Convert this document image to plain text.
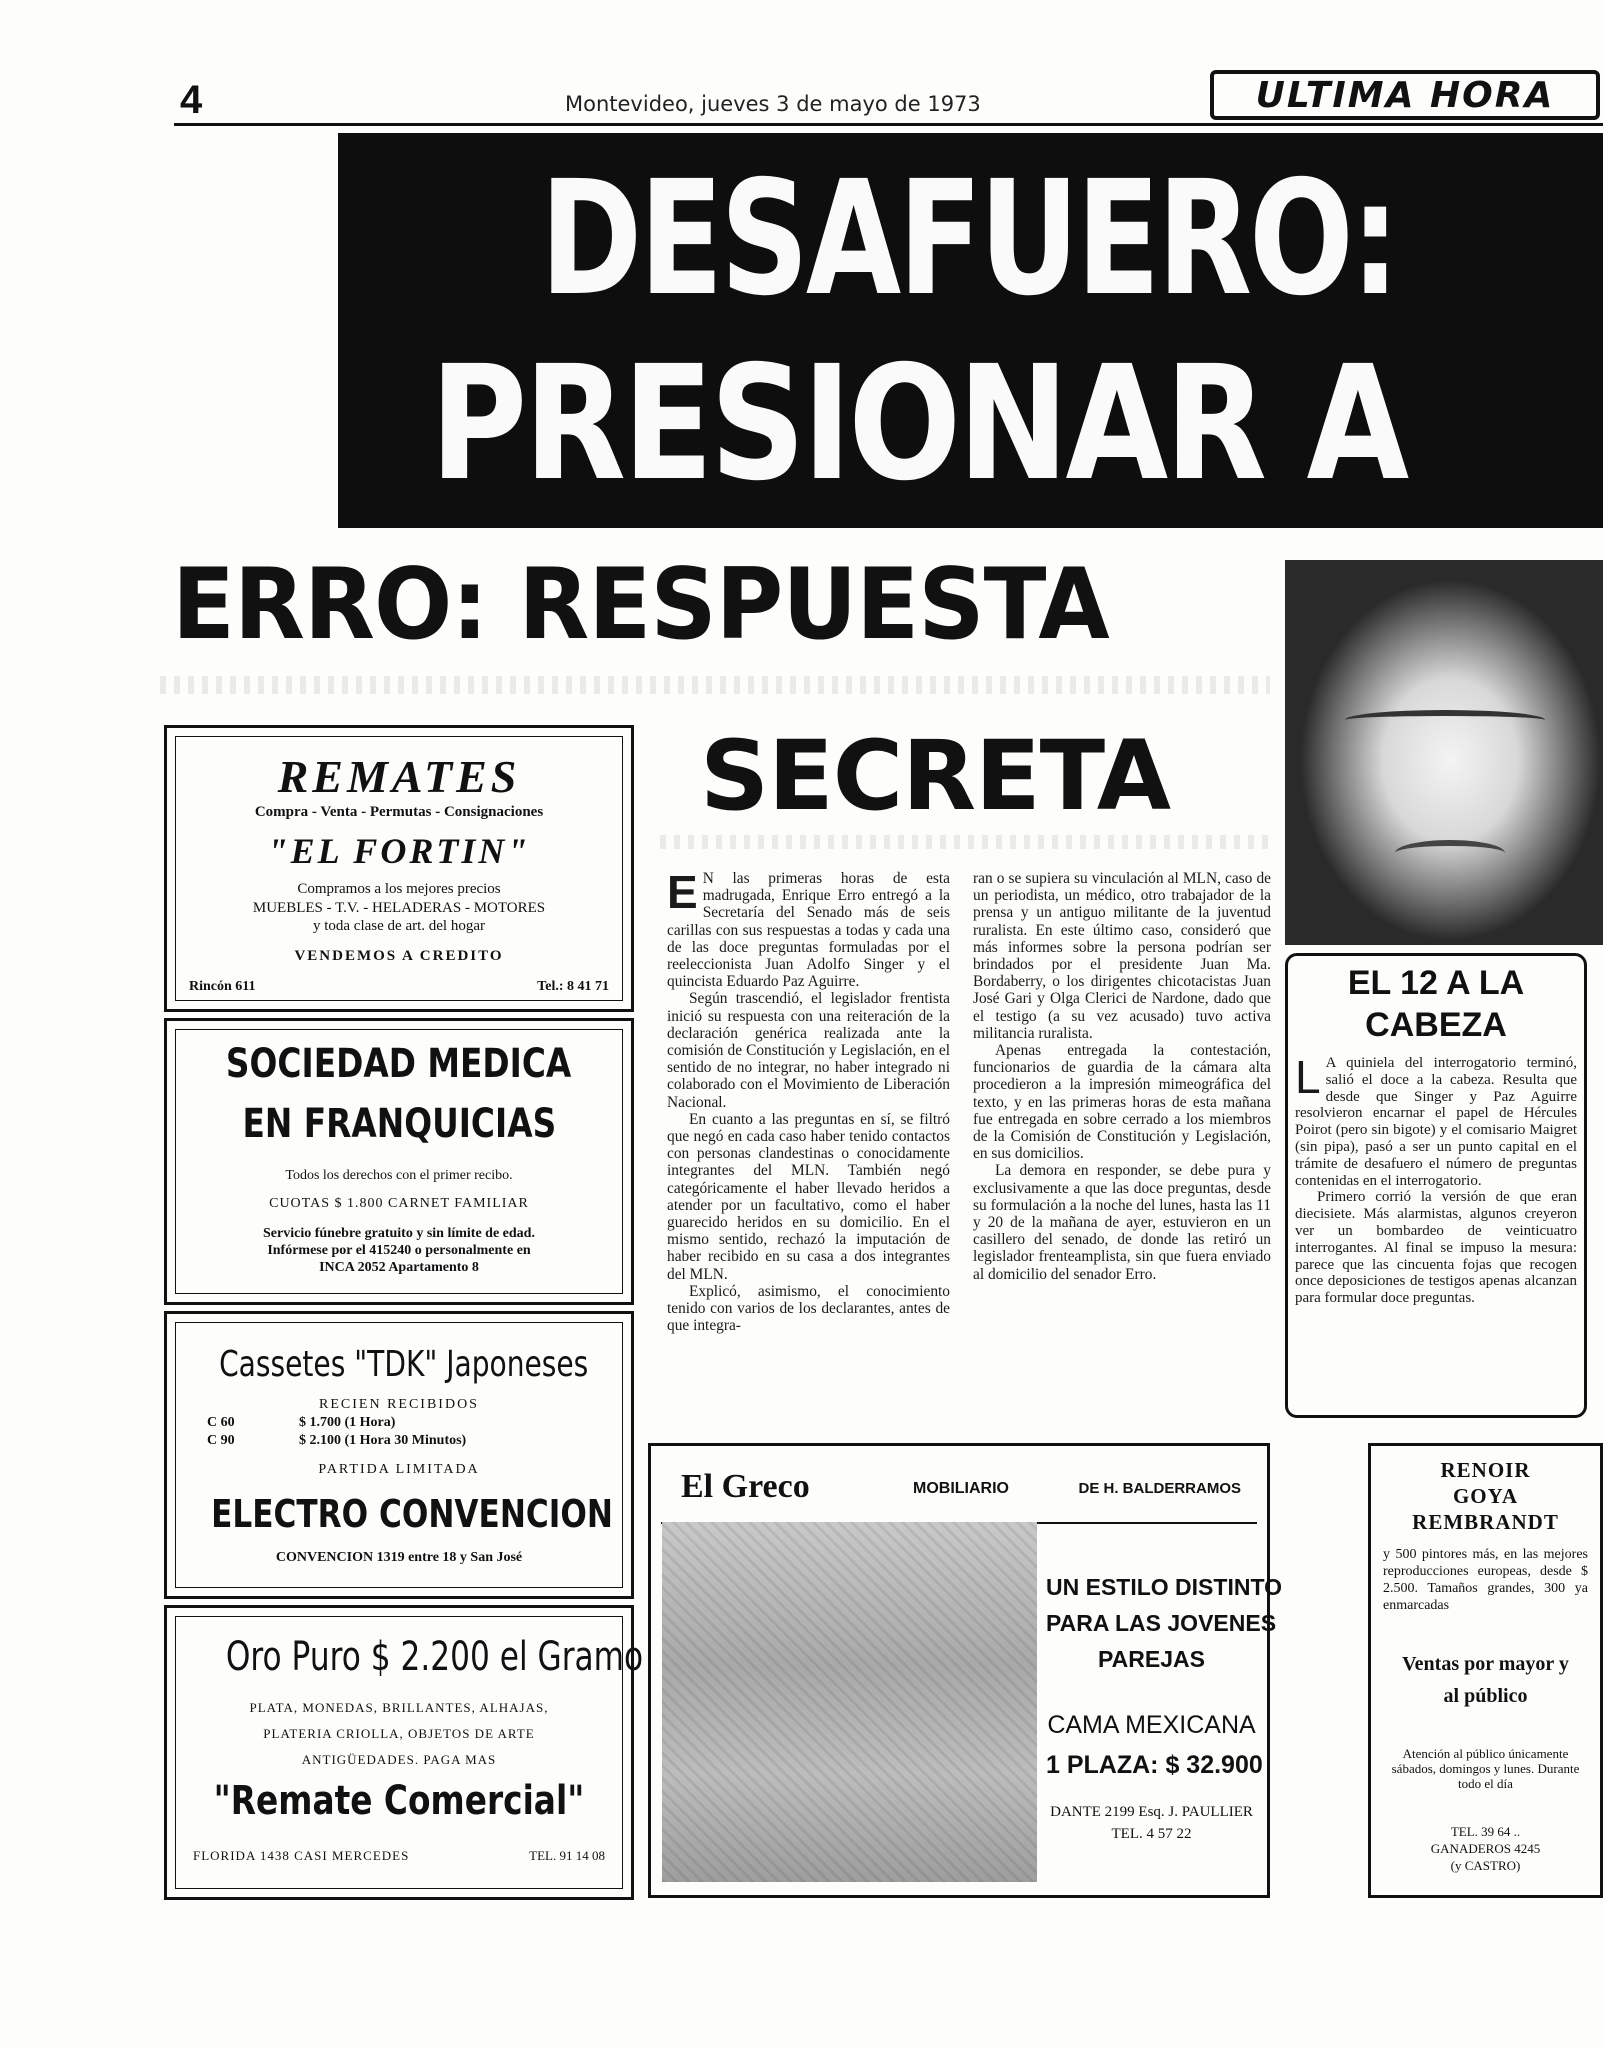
4	Montevideo, jueves 3 de mayo de 1973	ULTIMA HORA
DESAFUERO:
PRESIONAR A
ERRO: RESPUESTA
SECRETA
REMATES
Compra - Venta - Permutas - Consignaciones
"EL FORTIN"
Compramos a los mejores precios
MUEBLES - T.V. - HELADERAS - MOTORES
y toda clase de art. del hogar
VENDEMOS A CREDITO
Rincón 611	Tel.: 8 41 71
SOCIEDAD MEDICA
EN FRANQUICIAS
Todos los derechos con el primer recibo.
CUOTAS $ 1.800 CARNET FAMILIAR
Servicio fúnebre gratuito y sin límite de edad.
Infórmese por el 415240 o personalmente en
INCA 2052 Apartamento 8
Cassetes "TDK" Japoneses
RECIEN RECIBIDOS
C 60	$ 1.700 (1 Hora)
C 90	$ 2.100 (1 Hora 30 Minutos)
PARTIDA LIMITADA
ELECTRO CONVENCION
CONVENCION 1319 entre 18 y San José
Oro Puro $ 2.200 el Gramo
PLATA, MONEDAS, BRILLANTES, ALHAJAS,
PLATERIA CRIOLLA, OBJETOS DE ARTE
ANTIGÜEDADES. PAGA MAS
"Remate Comercial"
FLORIDA 1438 CASI MERCEDES	TEL. 91 14 08

E N las primeras horas de esta madrugada, Enrique Erro entregó a la Secretaría del Senado más de seis carillas con sus respuestas a todas y cada una de las doce preguntas formuladas por el reeleccionista Juan Adolfo Singer y el quincista Eduardo Paz Aguirre.

Según trascendió, el legislador frentista inició su respuesta con una reiteración de la declaración genérica realizada ante la comisión de Constitución y Legislación, en el sentido de no integrar, no haber integrado ni colaborado con el Movimiento de Liberación Nacional.

En cuanto a las preguntas en sí, se filtró que negó en cada caso haber tenido contactos con personas clandestinas o conocidamente integrantes del MLN. También negó categóricamente el haber llevado heridos a atender por un facultativo, como el haber guarecido heridos en su domicilio. En el mismo sentido, rechazó la imputación de haber recibido en su casa a dos integrantes del MLN.

Explicó, asimismo, el conocimiento tenido con varios de los declarantes, antes de que integra-

ran o se supiera su vinculación al MLN, caso de un periodista, un médico, otro trabajador de la prensa y un antiguo militante de la juventud ruralista. En este último caso, consideró que más informes sobre la persona podrían ser brindados por el presidente Juan Ma. Bordaberry, o los dirigentes chicotacistas Juan José Gari y Olga Clerici de Nardone, dado que el testigo (a su vez acusado) tuvo activa militancia ruralista.

Apenas entregada la contestación, funcionarios de guardia de la cámara alta procedieron a la impresión mimeográfica del texto, y en las primeras horas de esta mañana fue entregada en sobre cerrado a los miembros de la Comisión de Constitución y Legislación, en sus domicilios.

La demora en responder, se debe pura y exclusivamente a que las doce preguntas, desde su formulación a la noche del lunes, hasta las 11 y 20 de la mañana de ayer, estuvieron en un casillero del senado, de donde las retiró un legislador frenteamplista, sin que fuera enviado al domicilio del senador Erro.

EL 12 A LA CABEZA

L A quiniela del interrogatorio terminó, salió el doce a la cabeza. Resulta que desde que Singer y Paz Aguirre resolvieron encarnar el papel de Hércules Poirot (pero sin bigote) y el comisario Maigret (sin pipa), pasó a ser un punto capital en el trámite de desafuero el número de preguntas contenidas en el interrogatorio.

Primero corrió la versión de que eran diecisiete. Más alarmistas, algunos creyeron ver un bombardeo de veinticuatro interrogantes. Al final se impuso la mesura: parece que las cincuenta fojas que recogen once deposiciones de testigos apenas alcanzan para formular doce preguntas.

El Greco	MOBILIARIO	DE H. BALDERRAMOS
UN ESTILO DISTINTO
PARA LAS JOVENES
PAREJAS
CAMA MEXICANA
1 PLAZA: $ 32.900
DANTE 2199 Esq. J. PAULLIER
TEL. 4 57 22
RENOIR
GOYA
REMBRANDT
y 500 pintores más, en las mejores reproducciones europeas, desde $ 2.500. Tamaños grandes, 300 ya enmarcadas
Ventas por mayor y al público
Atención al público únicamente sábados, domingos y lunes. Durante todo el día
TEL. 39 64 ..
GANADEROS 4245
(y CASTRO)
